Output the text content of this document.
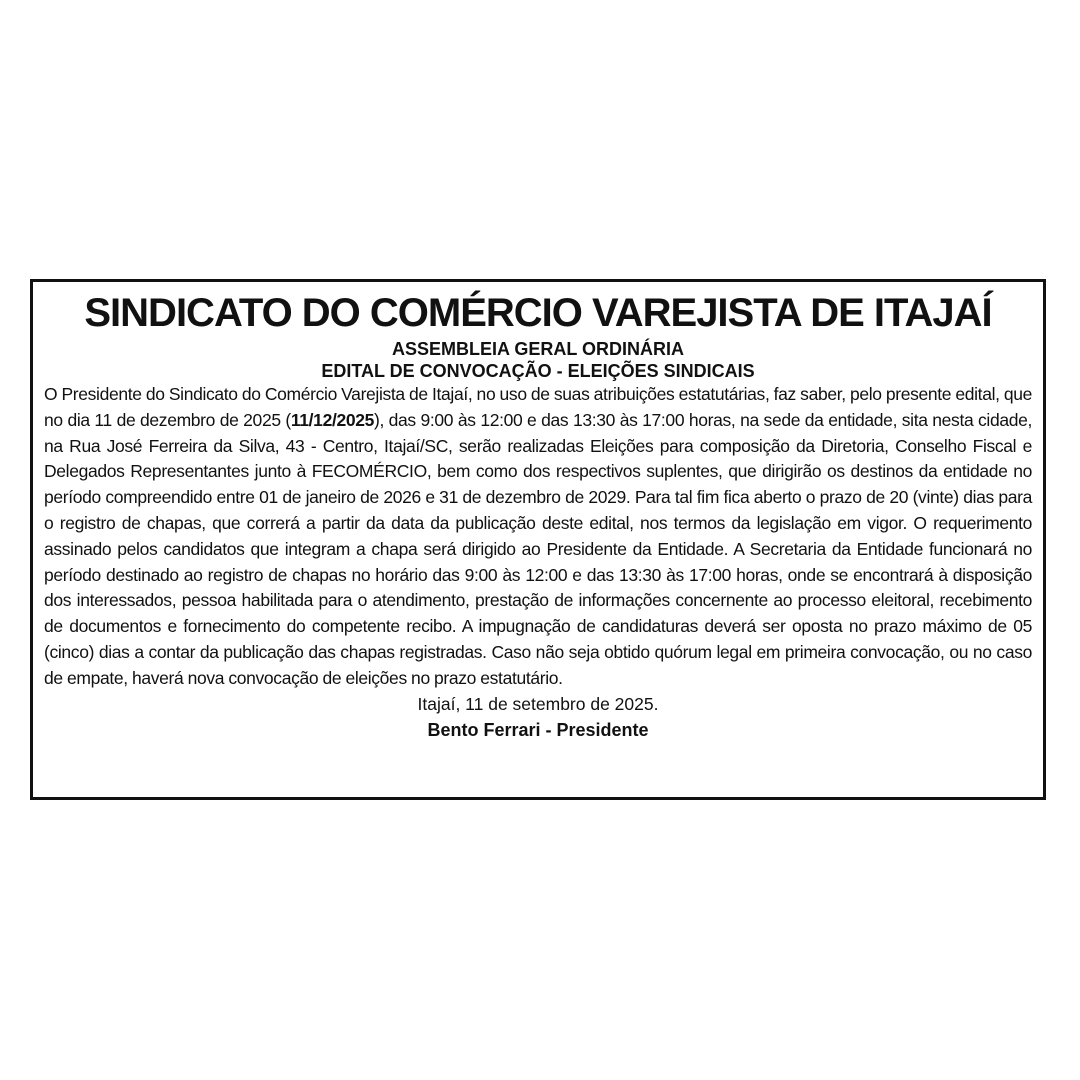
SINDICATO DO COMÉRCIO VAREJISTA DE ITAJAÍ
ASSEMBLEIA GERAL ORDINÁRIA
EDITAL DE CONVOCAÇÃO - ELEIÇÕES SINDICAIS

O Presidente do Sindicato do Comércio Varejista de Itajaí, no uso de suas atribuições estatutárias, faz saber, pelo presente edital, que no dia 11 de dezembro de 2025 (11/12/2025), das 9:00 às 12:00 e das 13:30 às 17:00 horas, na sede da entidade, sita nesta cidade, na Rua José Ferreira da Silva, 43 - Centro, Itajaí/SC, serão realizadas Eleições para composição da Diretoria, Conselho Fiscal e Delegados Representantes junto à FECOMÉRCIO, bem como dos respectivos suplentes, que dirigirão os destinos da entidade no período compreendido entre 01 de janeiro de 2026 e 31 de dezembro de 2029. Para tal fim fica aberto o prazo de 20 (vinte) dias para o registro de chapas, que correrá a partir da data da publicação deste edital, nos termos da legislação em vigor. O requerimento assinado pelos candidatos que integram a chapa será dirigido ao Presidente da Entidade. A Secretaria da Entidade funcionará no período destinado ao registro de chapas no horário das 9:00 às 12:00 e das 13:30 às 17:00 horas, onde se encontrará à disposição dos interessados, pessoa habilitada para o atendimento, prestação de informações concernente ao processo eleitoral, recebimento de documentos e fornecimento do competente recibo. A impugnação de candidaturas deverá ser oposta no prazo máximo de 05 (cinco) dias a contar da publicação das chapas registradas. Caso não seja obtido quórum legal em primeira convocação, ou no caso de empate, haverá nova convocação de eleições no prazo estatutário.

Itajaí, 11 de setembro de 2025.
Bento Ferrari - Presidente
